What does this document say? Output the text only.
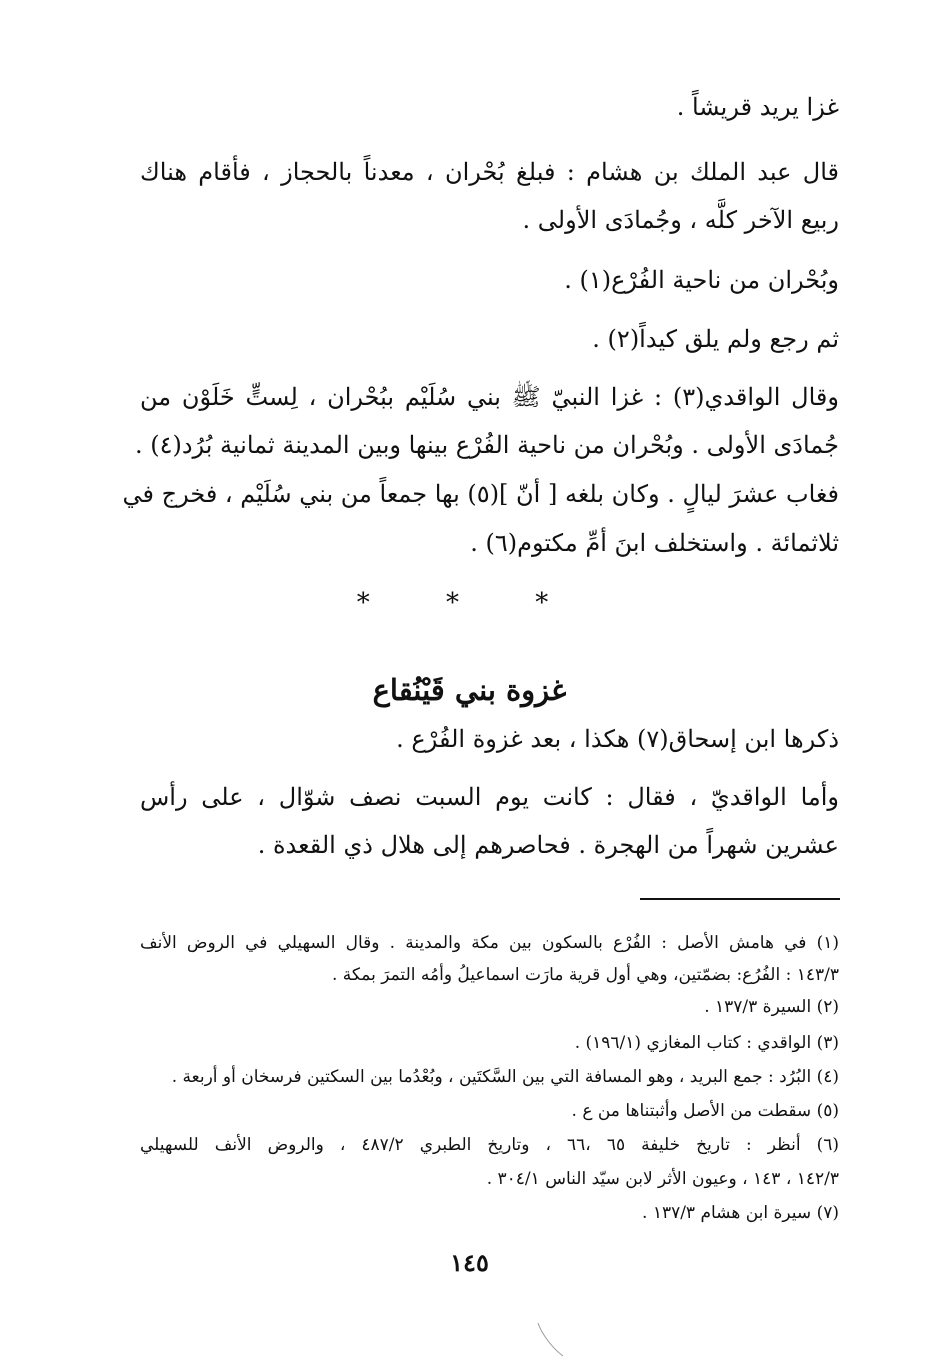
غزا يريد قريشاً .
قال عبد الملك بن هشام : فبلغ بُحْران ، معدناً بالحجاز ، فأقام هناك
ربيع الآخر كلَّه ، وجُمادَى الأولى .
وبُحْران من ناحية الفُرْع(١) .
ثم رجع ولم يلق كيداً(٢) .
وقال الواقدي(٣) : غزا النبيّ ﷺ بني سُلَيْم ببُحْران ، لِستٍّ خَلَوْن من
جُمادَى الأولى . وبُحْران من ناحية الفُرْع بينها وبين المدينة ثمانية بُرُد(٤) .
فغاب عشرَ ليالٍ . وكان بلغه [ أنّ ](٥) بها جمعاً من بني سُلَيْم ، فخرج في
ثلاثمائة . واستخلف ابنَ أمِّ مكتوم(٦) .
* * *
غزوة بني قَيْنُقاع
ذكرها ابن إسحاق(٧) هكذا ، بعد غزوة الفُرْع .
وأما الواقديّ ، فقال : كانت يوم السبت نصف شوّال ، على رأس
عشرين شهراً من الهجرة . فحاصرهم إلى هلال ذي القعدة .
(١) في هامش الأصل : الفُرْع بالسكون بين مكة والمدينة . وقال السهيلي في الروض الأنف
١٤٣/٣ : الفُرُع: بضمّتين، وهي أول قرية مارَت اسماعيلُ وأمُه التمرَ بمكة .
(٢) السيرة ١٣٧/٣ .
(٣) الواقدي : كتاب المغازي (١٩٦/١) .
(٤) البُرُد : جمع البريد ، وهو المسافة التي بين السَّكتَين ، وبُعْدُما بين السكتين فرسخان أو أربعة .
(٥) سقطت من الأصل وأثبتناها من ع .
(٦) أنظر : تاريخ خليفة ٦٥ ،٦٦ ، وتاريخ الطبري ٤٨٧/٢ ، والروض الأنف للسهيلي
١٤٢/٣ ، ١٤٣ ، وعيون الأثر لابن سيّد الناس ٣٠٤/١ .
(٧) سيرة ابن هشام ١٣٧/٣ .
١٤٥
